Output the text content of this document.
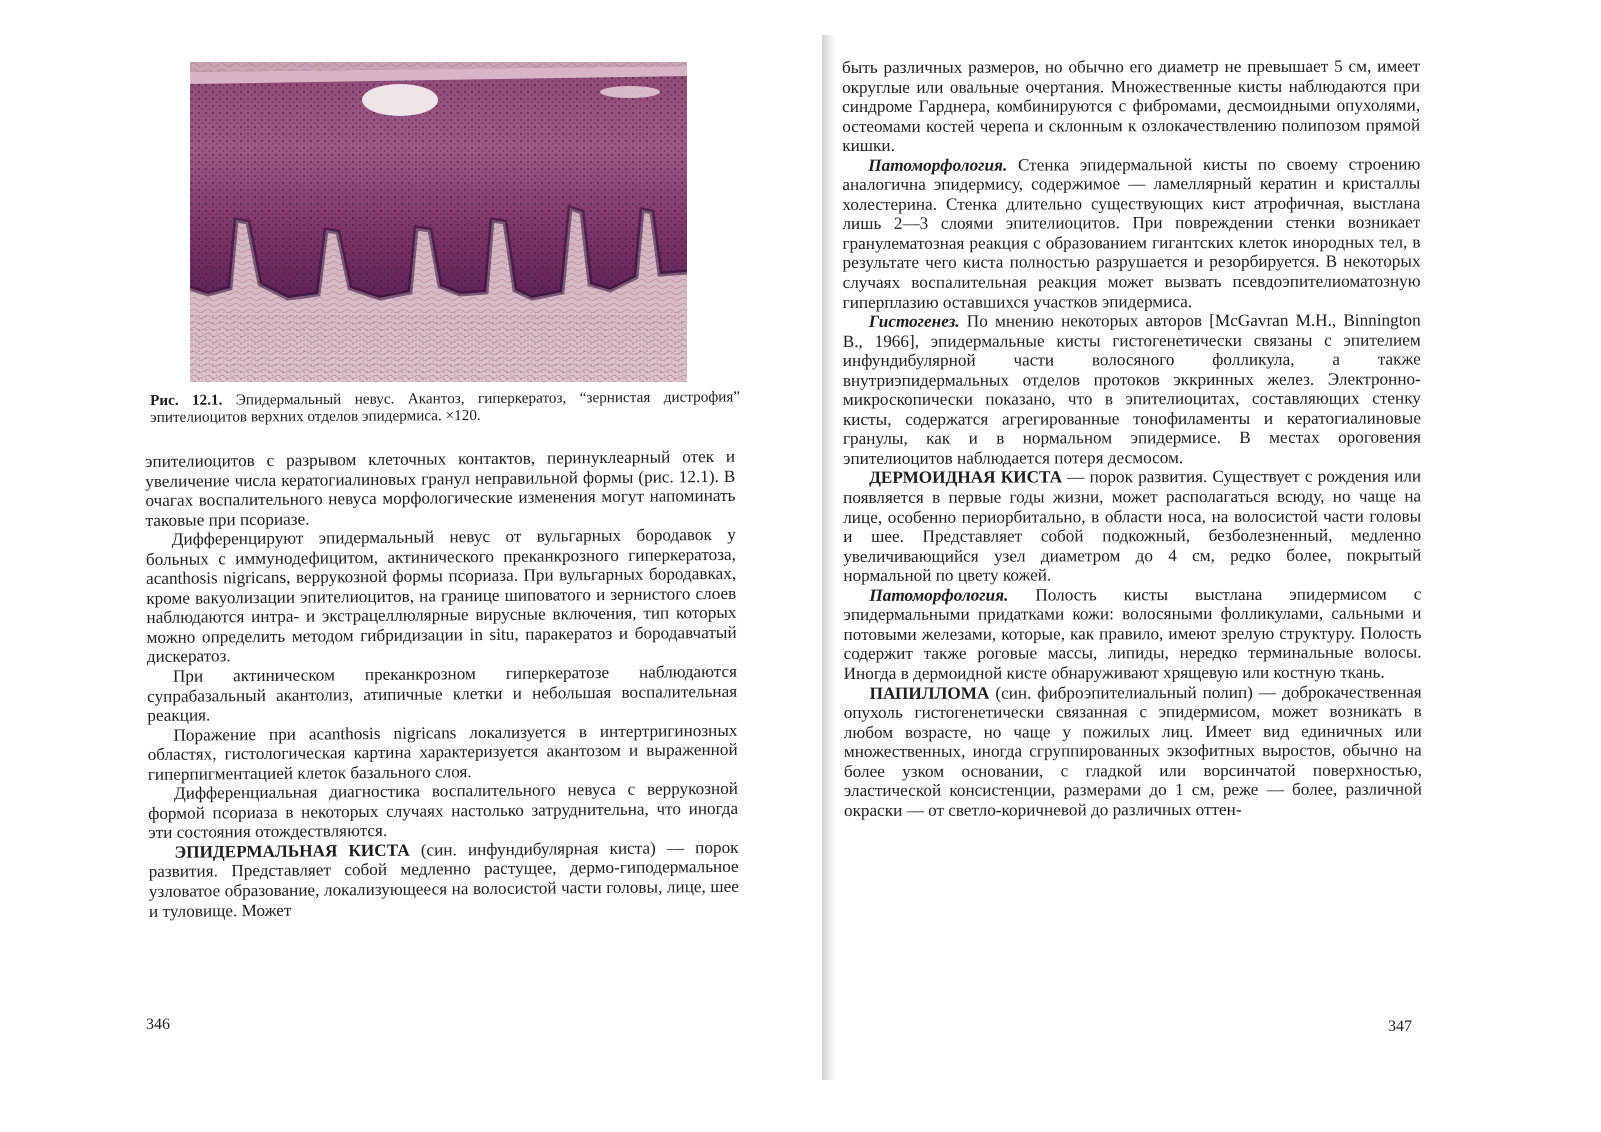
Рис. 12.1. Эпидермальный невус. Акантоз, гиперкератоз, “зернистая дистрофия” эпителиоцитов верхних отделов эпидермиса. ×120.

эпителиоцитов с разрывом клеточных контактов, перинуклеарный отек и увеличение числа кератогиалиновых гранул неправильной формы (рис. 12.1). В очагах воспалительного невуса морфологические изменения могут напоминать таковые при псориазе.

Дифференцируют эпидермальный невус от вульгарных бородавок у больных с иммунодефицитом, актинического преканкрозного гиперкератоза, acanthosis nigricans, веррукозной формы псориаза. При вульгарных бородавках, кроме вакуолизации эпителиоцитов, на границе шиповатого и зернистого слоев наблюдаются интра- и экстрацеллюлярные вирусные включения, тип которых можно определить методом гибридизации in situ, паракератоз и бородавчатый дискератоз.

При актиническом преканкрозном гиперкератозе наблюдаются супрабазальный акантолиз, атипичные клетки и небольшая воспалительная реакция.

Поражение при acanthosis nigricans локализуется в интертригинозных областях, гистологическая картина характеризуется акантозом и выраженной гиперпигментацией клеток базального слоя.

Дифференциальная диагностика воспалительного невуса с веррукозной формой псориаза в некоторых случаях настолько затруднительна, что иногда эти состояния отождествляются.

ЭПИДЕРМАЛЬНАЯ КИСТА (син. инфундибулярная киста) — порок развития. Представляет собой медленно растущее, дермо-гиподермальное узловатое образование, локализующееся на волосистой части головы, лице, шее и туловище. Может

346

быть различных размеров, но обычно его диаметр не превышает 5 см, имеет округлые или овальные очертания. Множественные кисты наблюдаются при синдроме Гарднера, комбинируются с фибромами, десмоидными опухолями, остеомами костей черепа и склонным к озлокачествлению полипозом прямой кишки.

Патоморфология. Стенка эпидермальной кисты по своему строению аналогична эпидермису, содержимое — ламеллярный кератин и кристаллы холестерина. Стенка длительно существующих кист атрофичная, выстлана лишь 2—3 слоями эпителиоцитов. При повреждении стенки возникает гранулематозная реакция с образованием гигантских клеток инородных тел, в результате чего киста полностью разрушается и резорбируется. В некоторых случаях воспалительная реакция может вызвать псевдоэпителиоматозную гиперплазию оставшихся участков эпидермиса.

Гистогенез. По мнению некоторых авторов [McGavran M.H., Binnington B., 1966], эпидермальные кисты гистогенетически связаны с эпителием инфундибулярной части волосяного фолликула, а также внутриэпидермальных отделов протоков эккринных желез. Электронно-микроскопически показано, что в эпителиоцитах, составляющих стенку кисты, содержатся агрегированные тонофиламенты и кератогиалиновые гранулы, как и в нормальном эпидермисе. В местах ороговения эпителиоцитов наблюдается потеря десмосом.

ДЕРМОИДНАЯ КИСТА — порок развития. Существует с рождения или появляется в первые годы жизни, может располагаться всюду, но чаще на лице, особенно периорбитально, в области носа, на волосистой части головы и шее. Представляет собой подкожный, безболезненный, медленно увеличивающийся узел диаметром до 4 см, редко более, покрытый нормальной по цвету кожей.

Патоморфология. Полость кисты выстлана эпидермисом с эпидермальными придатками кожи: волосяными фолликулами, сальными и потовыми железами, которые, как правило, имеют зрелую структуру. Полость содержит также роговые массы, липиды, нередко терминальные волосы. Иногда в дермоидной кисте обнаруживают хрящевую или костную ткань.

ПАПИЛЛОМА (син. фиброэпителиальный полип) — доброкачественная опухоль гистогенетически связанная с эпидермисом, может возникать в любом возрасте, но чаще у пожилых лиц. Имеет вид единичных или множественных, иногда сгруппированных экзофитных выростов, обычно на более узком основании, с гладкой или ворсинчатой поверхностью, эластической консистенции, размерами до 1 см, реже — более, различной окраски — от светло-коричневой до различных оттен-

347
